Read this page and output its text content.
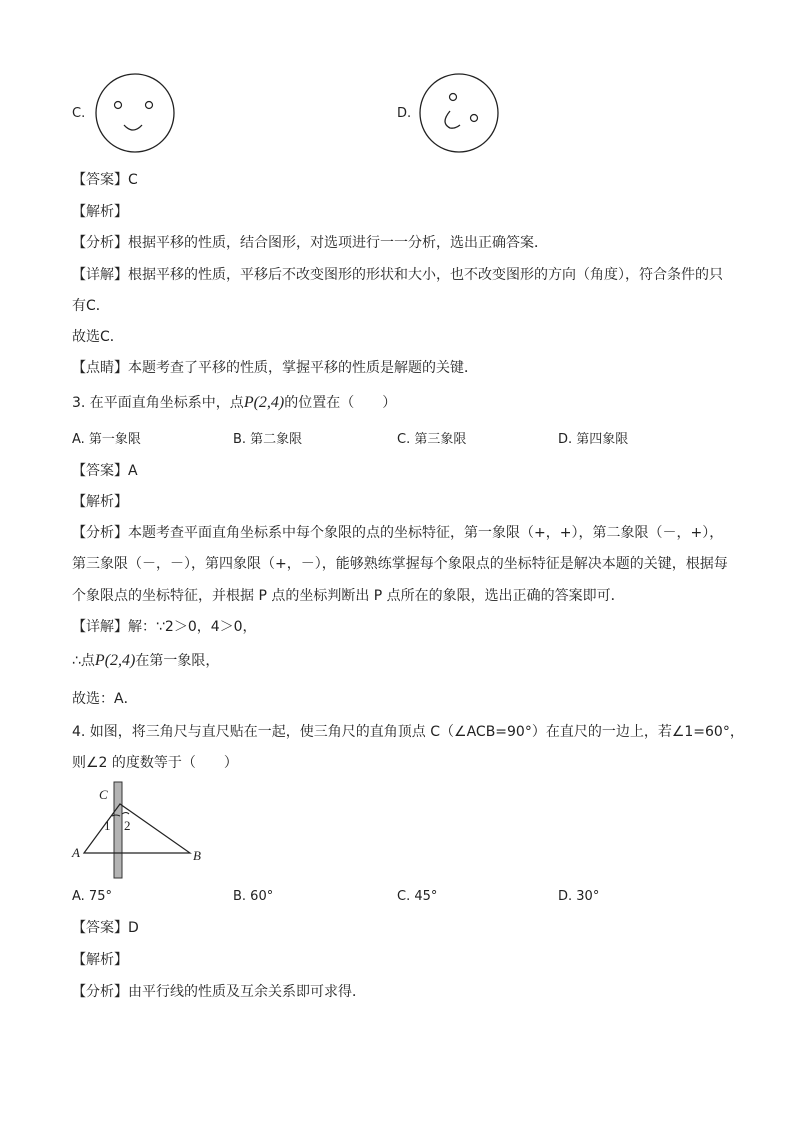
C.	D.
【答案】C
【解析】
【分析】根据平移的性质，结合图形，对选项进行一一分析，选出正确答案．
【详解】根据平移的性质，平移后不改变图形的形状和大小，也不改变图形的方向（角度），符合条件的只
有C．
故选C．
【点睛】本题考查了平移的性质，掌握平移的性质是解题的关键．
3. 在平面直角坐标系中，点P(2,4)的位置在（　　）
A. 第一象限	B. 第二象限	C. 第三象限	D. 第四象限
【答案】A
【解析】
【分析】本题考查平面直角坐标系中每个象限的点的坐标特征，第一象限（+，+），第二象限（－，+），
第三象限（－，－），第四象限（+，－），能够熟练掌握每个象限点的坐标特征是解决本题的关键，根据每
个象限点的坐标特征，并根据 P 点的坐标判断出 P 点所在的象限，选出正确的答案即可．
【详解】解：∵2＞0，4＞0，
∴点P(2,4)在第一象限，
故选：A．
4. 如图，将三角尺与直尺贴在一起，使三角尺的直角顶点 C（∠ACB=90°）在直尺的一边上，若∠1=60°，
则∠2 的度数等于（　　）
C
1 2
A	B
A. 75°	B. 60°	C. 45°	D. 30°
【答案】D
【解析】
【分析】由平行线的性质及互余关系即可求得．
